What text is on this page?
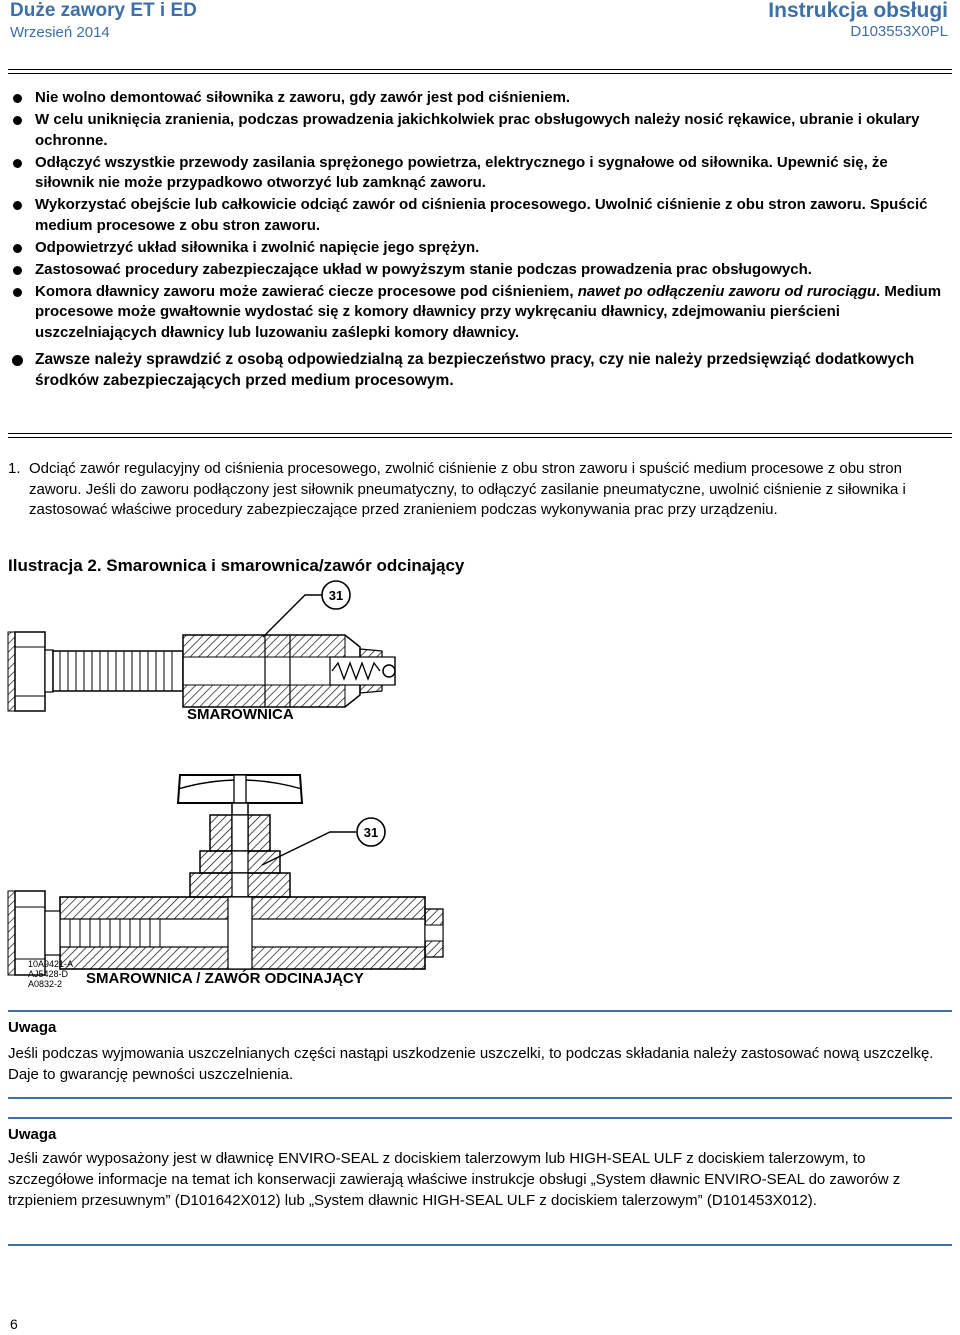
Duże zawory ET i ED
Wrzesień 2014
Instrukcja obsługi
D103553X0PL
Nie wolno demontować siłownika z zaworu, gdy zawór jest pod ciśnieniem.
W celu uniknięcia zranienia, podczas prowadzenia jakichkolwiek prac obsługowych należy nosić rękawice, ubranie i okulary ochronne.
Odłączyć wszystkie przewody zasilania sprężonego powietrza, elektrycznego i sygnałowe od siłownika. Upewnić się, że siłownik nie może przypadkowo otworzyć lub zamknąć zaworu.
Wykorzystać obejście lub całkowicie odciąć zawór od ciśnienia procesowego. Uwolnić ciśnienie z obu stron zaworu. Spuścić medium procesowe z obu stron zaworu.
Odpowietrzyć układ siłownika i zwolnić napięcie jego sprężyn.
Zastosować procedury zabezpieczające układ w powyższym stanie podczas prowadzenia prac obsługowych.
Komora dławnicy zaworu może zawierać ciecze procesowe pod ciśnieniem, nawet po odłączeniu zaworu od rurociągu. Medium procesowe może gwałtownie wydostać się z komory dławnicy przy wykręcaniu dławnicy, zdejmowaniu pierścieni uszczelniających dławnicy lub luzowaniu zaślepki komory dławnicy.
Zawsze należy sprawdzić z osobą odpowiedzialną za bezpieczeństwo pracy, czy nie należy przedsięwziąć dodatkowych środków zabezpieczających przed medium procesowym.
1. Odciąć zawór regulacyjny od ciśnienia procesowego, zwolnić ciśnienie z obu stron zaworu i spuścić medium procesowe z obu stron zaworu. Jeśli do zaworu podłączony jest siłownik pneumatyczny, to odłączyć zasilanie pneumatyczne, uwolnić ciśnienie z siłownika i zastosować właściwe procedury zabezpieczające przed zranieniem podczas wykonywania prac przy urządzeniu.
Ilustracja 2. Smarownica i smarownica/zawór odcinający
31
31
SMAROWNICA
10A9421-A
AJ5428-D
A0832-2	SMAROWNICA / ZAWÓR ODCINAJĄCY
Uwaga
Jeśli podczas wyjmowania uszczelnianych części nastąpi uszkodzenie uszczelki, to podczas składania należy zastosować nową uszczelkę. Daje to gwarancję pewności uszczelnienia.
Uwaga
Jeśli zawór wyposażony jest w dławnicę ENVIRO-SEAL z dociskiem talerzowym lub HIGH-SEAL ULF z dociskiem talerzowym, to szczegółowe informacje na temat ich konserwacji zawierają właściwe instrukcje obsługi „System dławnic ENVIRO-SEAL do zaworów z trzpieniem przesuwnym” (D101642X012) lub „System dławnic HIGH-SEAL ULF z dociskiem talerzowym” (D101453X012).
6
